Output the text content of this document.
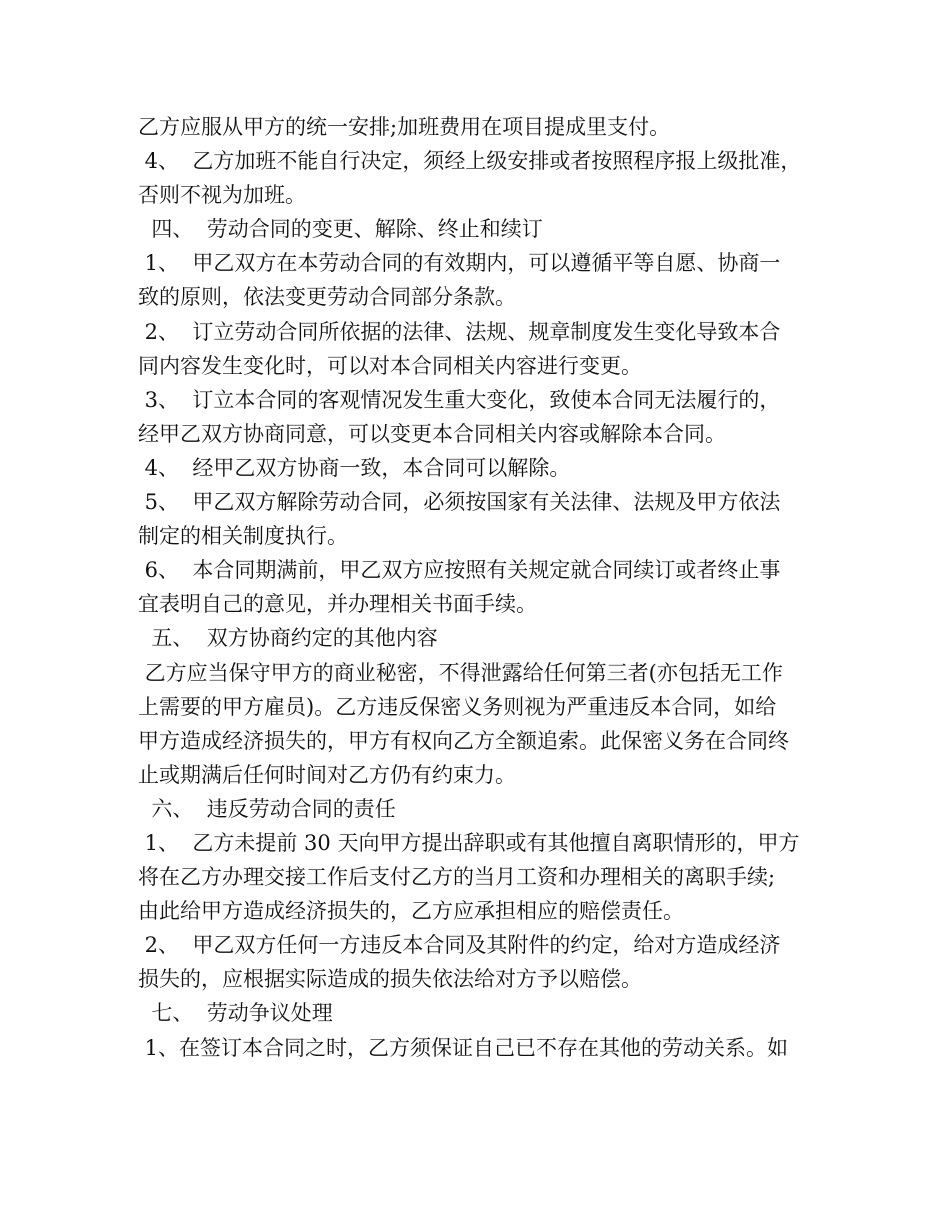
乙方应服从甲方的统一安排;加班费用在项目提成里支付。
4、  乙方加班不能自行决定，须经上级安排或者按照程序报上级批准，
否则不视为加班。
四、  劳动合同的变更、解除、终止和续订
1、  甲乙双方在本劳动合同的有效期内，可以遵循平等自愿、协商一
致的原则，依法变更劳动合同部分条款。
2、  订立劳动合同所依据的法律、法规、规章制度发生变化导致本合
同内容发生变化时，可以对本合同相关内容进行变更。
3、  订立本合同的客观情况发生重大变化，致使本合同无法履行的，
经甲乙双方协商同意，可以变更本合同相关内容或解除本合同。
4、  经甲乙双方协商一致，本合同可以解除。
5、  甲乙双方解除劳动合同，必须按国家有关法律、法规及甲方依法
制定的相关制度执行。
6、  本合同期满前，甲乙双方应按照有关规定就合同续订或者终止事
宜表明自己的意见，并办理相关书面手续。
五、  双方协商约定的其他内容
乙方应当保守甲方的商业秘密，不得泄露给任何第三者(亦包括无工作
上需要的甲方雇员)。乙方违反保密义务则视为严重违反本合同，如给
甲方造成经济损失的，甲方有权向乙方全额追索。此保密义务在合同终
止或期满后任何时间对乙方仍有约束力。
六、  违反劳动合同的责任
1、  乙方未提前 30 天向甲方提出辞职或有其他擅自离职情形的，甲方
将在乙方办理交接工作后支付乙方的当月工资和办理相关的离职手续;
由此给甲方造成经济损失的，乙方应承担相应的赔偿责任。
2、  甲乙双方任何一方违反本合同及其附件的约定，给对方造成经济
损失的，应根据实际造成的损失依法给对方予以赔偿。
七、  劳动争议处理
1、在签订本合同之时，乙方须保证自己已不存在其他的劳动关系。如
